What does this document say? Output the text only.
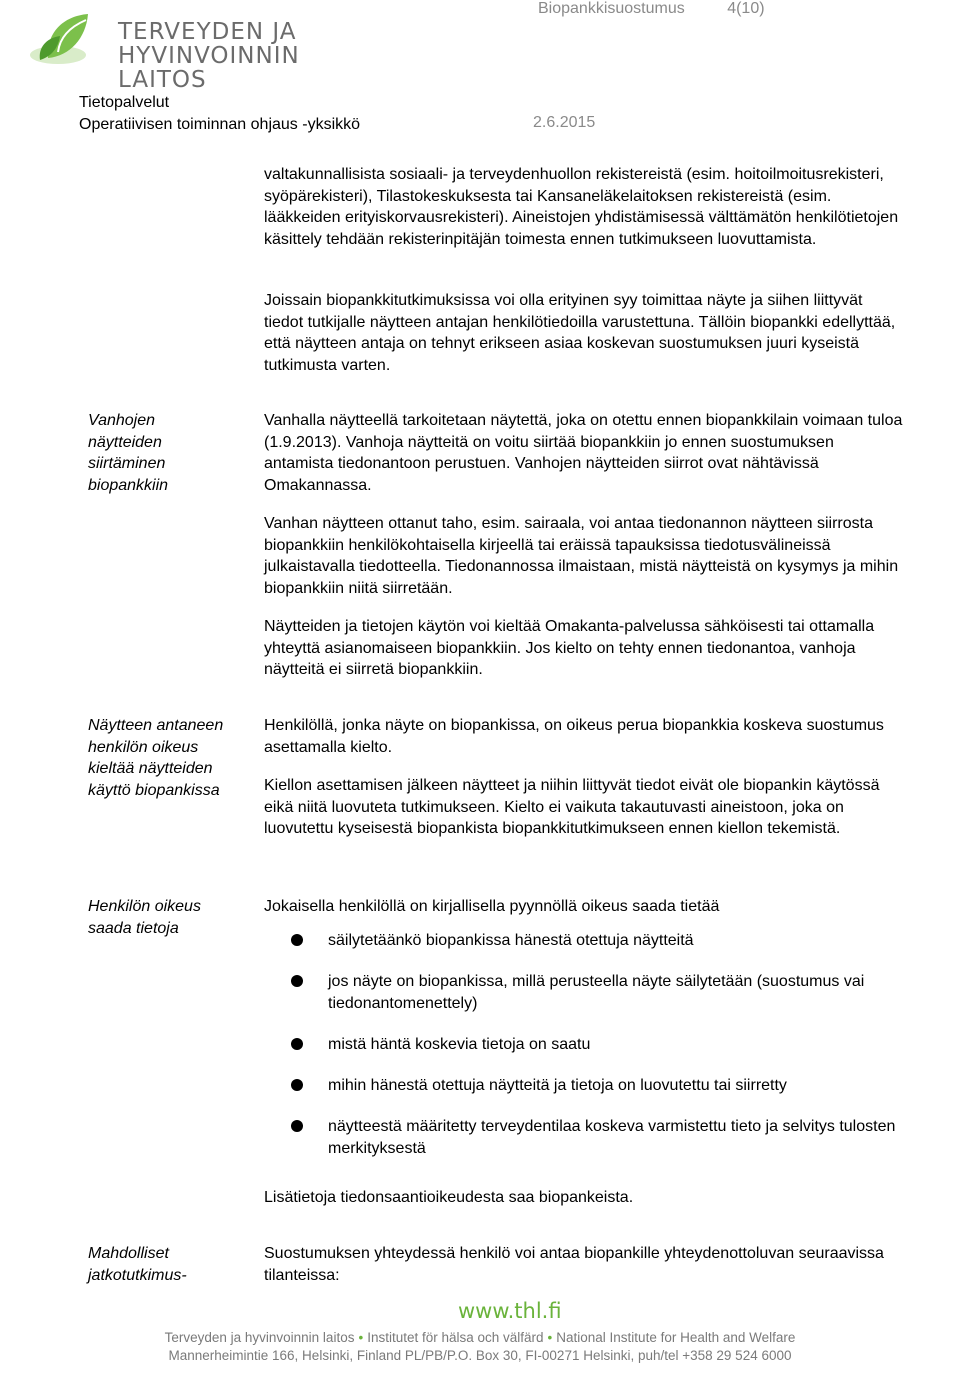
TERVEYDEN JA
HYVINVOINNIN LAITOS
Biopankkisuostumus	4(10)
Tietopalvelut
Operatiivisen toiminnan ohjaus -yksikkö	2.6.2015
valtakunnallisista sosiaali- ja terveydenhuollon rekistereistä (esim. hoitoilmoitusrekisteri, syöpärekisteri), Tilastokeskuksesta tai Kansaneläkelaitoksen rekistereistä (esim. lääkkeiden erityiskorvausrekisteri). Aineistojen yhdistämisessä välttämätön henkilötietojen käsittely tehdään rekisterinpitäjän toimesta ennen tutkimukseen luovuttamista.
Joissain biopankkitutkimuksissa voi olla erityinen syy toimittaa näyte ja siihen liittyvät tiedot tutkijalle näytteen antajan henkilötiedoilla varustettuna. Tällöin biopankki edellyttää, että näytteen antaja on tehnyt erikseen asiaa koskevan suostumuksen juuri kyseistä tutkimusta varten.
Vanhojen näytteiden siirtäminen biopankkiin
Vanhalla näytteellä tarkoitetaan näytettä, joka on otettu ennen biopankkilain voimaan tuloa (1.9.2013). Vanhoja näytteitä on voitu siirtää biopankkiin jo ennen suostumuksen antamista tiedonantoon perustuen. Vanhojen näytteiden siirrot ovat nähtävissä Omakannassa.
Vanhan näytteen ottanut taho, esim. sairaala, voi antaa tiedonannon näytteen siirrosta biopankkiin henkilökohtaisella kirjeellä tai eräissä tapauksissa tiedotusvälineissä julkaistavalla tiedotteella. Tiedonannossa ilmaistaan, mistä näytteistä on kysymys ja mihin biopankkiin niitä siirretään.
Näytteiden ja tietojen käytön voi kieltää Omakanta-palvelussa sähköisesti tai ottamalla yhteyttä asianomaiseen biopankkiin. Jos kielto on tehty ennen tiedonantoa, vanhoja näytteitä ei siirretä biopankkiin.
Näytteen antaneen henkilön oikeus kieltää näytteiden käyttö biopankissa
Henkilöllä, jonka näyte on biopankissa, on oikeus perua biopankkia koskeva suostumus asettamalla kielto.
Kiellon asettamisen jälkeen näytteet ja niihin liittyvät tiedot eivät ole biopankin käytössä eikä niitä luovuteta tutkimukseen. Kielto ei vaikuta takautuvasti aineistoon, joka on luovutettu kyseisestä biopankista biopankkitutkimukseen ennen kiellon tekemistä.
Henkilön oikeus saada tietoja
Jokaisella henkilöllä on kirjallisella pyynnöllä oikeus saada tietää
säilytetäänkö biopankissa hänestä otettuja näytteitä
jos näyte on biopankissa, millä perusteella näyte säilytetään (suostumus vai tiedonantomenettely)
mistä häntä koskevia tietoja on saatu
mihin hänestä otettuja näytteitä ja tietoja on luovutettu tai siirretty
näytteestä määritetty terveydentilaa koskeva varmistettu tieto ja selvitys tulosten merkityksestä
Lisätietoja tiedonsaantioikeudesta saa biopankeista.
Mahdolliset jatkotutkimus-
Suostumuksen yhteydessä henkilö voi antaa biopankille yhteydenottoluvan seuraavissa tilanteissa:
www.thl.fi
Terveyden ja hyvinvoinnin laitos • Institutet för hälsa och välfärd • National Institute for Health and Welfare
Mannerheimintie 166, Helsinki, Finland PL/PB/P.O. Box 30, FI-00271 Helsinki, puh/tel +358 29 524 6000
